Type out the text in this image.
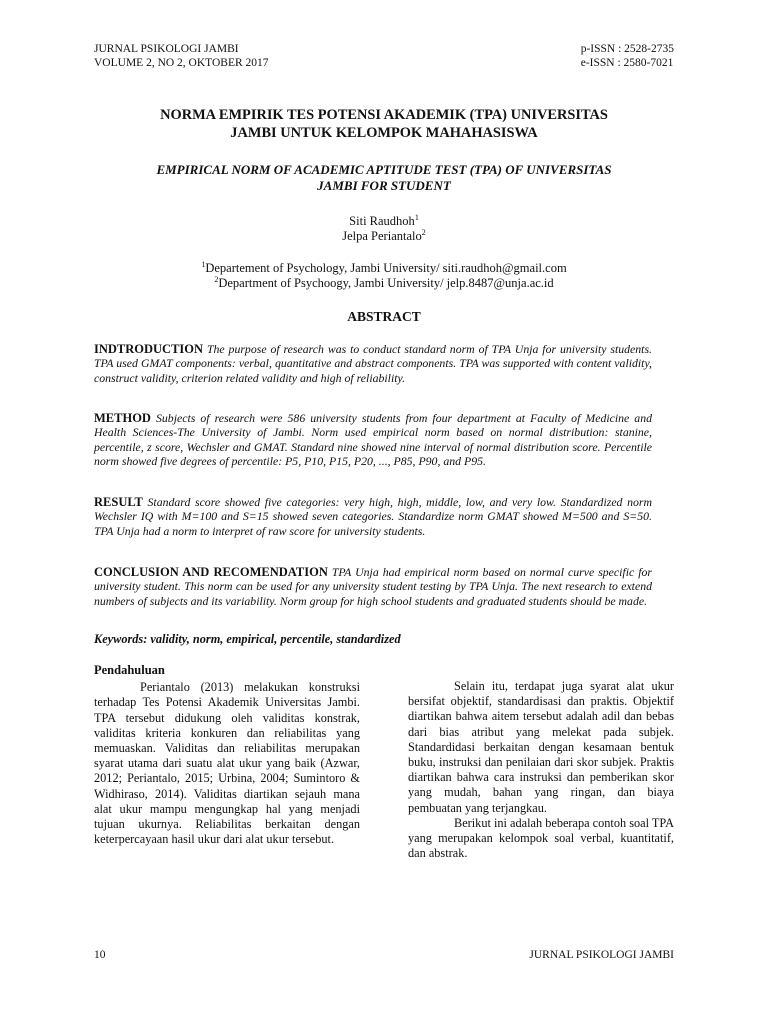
JURNAL PSIKOLOGI JAMBI
VOLUME 2, NO 2, OKTOBER 2017
p-ISSN : 2528-2735
e-ISSN : 2580-7021
NORMA EMPIRIK TES POTENSI AKADEMIK (TPA) UNIVERSITAS
JAMBI UNTUK KELOMPOK MAHAHASISWA
EMPIRICAL NORM OF ACADEMIC APTITUDE TEST (TPA) OF UNIVERSITAS
JAMBI FOR STUDENT
Siti Raudhoh$^1$
Jelpa Periantalo$^2$
$^1$Departement of Psychology, Jambi University/ siti.raudhoh@gmail.com
$^2$Department of Psychoogy, Jambi University/ jelp.8487@unja.ac.id
ABSTRACT
INDTRODUCTION The purpose of research was to conduct standard norm of TPA Unja for university students. TPA used GMAT components: verbal, quantitative and abstract components. TPA was supported with content validity, construct validity, criterion related validity and high of reliability.
METHOD Subjects of research were 586 university students from four department at Faculty of Medicine and Health Sciences-The University of Jambi. Norm used empirical norm based on normal distribution: stanine, percentile, z score, Wechsler and GMAT. Standard nine showed nine interval of normal distribution score. Percentile norm showed five degrees of percentile: P5, P10, P15, P20, ..., P85, P90, and P95.
RESULT Standard score showed five categories: very high, high, middle, low, and very low. Standardized norm Wechsler IQ with M=100 and S=15 showed seven categories. Standardize norm GMAT showed M=500 and S=50. TPA Unja had a norm to interpret of raw score for university students.
CONCLUSION AND RECOMENDATION TPA Unja had empirical norm based on normal curve specific for university student. This norm can be used for any university student testing by TPA Unja. The next research to extend numbers of subjects and its variability. Norm group for high school students and graduated students should be made.
Keywords: validity, norm, empirical, percentile, standardized
Pendahuluan

Periantalo (2013) melakukan konstruksi terhadap Tes Potensi Akademik Universitas Jambi. TPA tersebut didukung oleh validitas konstrak, validitas kriteria konkuren dan reliabilitas yang memuaskan. Validitas dan reliabilitas merupakan syarat utama dari suatu alat ukur yang baik (Azwar, 2012; Periantalo, 2015; Urbina, 2004; Sumintoro & Widhiraso, 2014). Validitas diartikan sejauh mana alat ukur mampu mengungkap hal yang menjadi tujuan ukurnya. Reliabilitas berkaitan dengan keterpercayaan hasil ukur dari alat ukur tersebut.

Selain itu, terdapat juga syarat alat ukur bersifat objektif, standardisasi dan praktis. Objektif diartikan bahwa aitem tersebut adalah adil dan bebas dari bias atribut yang melekat pada subjek. Standardidasi berkaitan dengan kesamaan bentuk buku, instruksi dan penilaian dari skor subjek. Praktis diartikan bahwa cara instruksi dan pemberikan skor yang mudah, bahan yang ringan, dan biaya pembuatan yang terjangkau.

Berikut ini adalah beberapa contoh soal TPA yang merupakan kelompok soal verbal, kuantitatif, dan abstrak.

10	JURNAL PSIKOLOGI JAMBI
